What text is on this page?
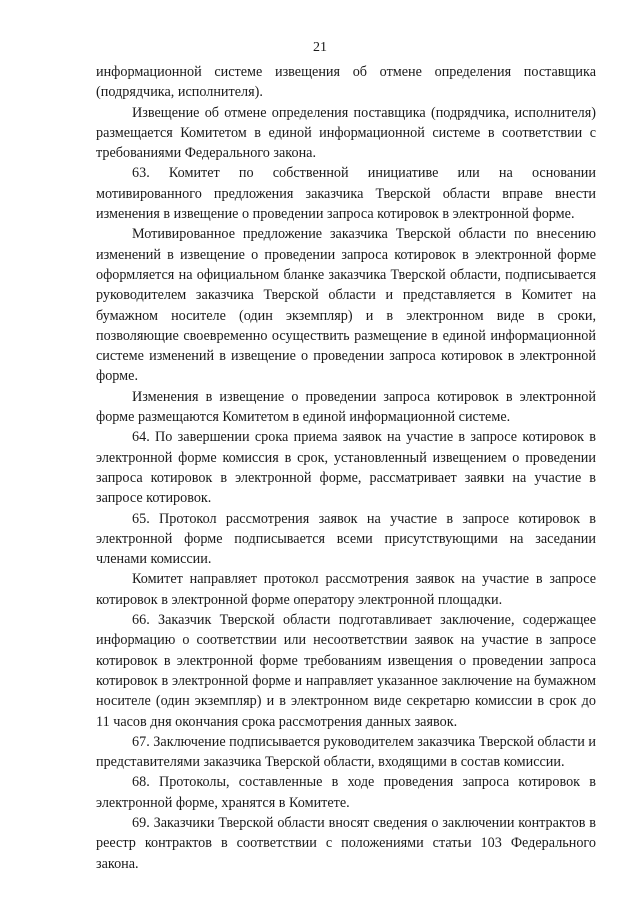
21

информационной системе извещения об отмене определения поставщика (подрядчика, исполнителя).

Извещение об отмене определения поставщика (подрядчика, исполнителя) размещается Комитетом в единой информационной системе в соответствии с требованиями Федерального закона.

63. Комитет по собственной инициативе или на основании мотивированного предложения заказчика Тверской области вправе внести изменения в извещение о проведении запроса котировок в электронной форме.

Мотивированное предложение заказчика Тверской области по внесению изменений в извещение о проведении запроса котировок в электронной форме оформляется на официальном бланке заказчика Тверской области, подписывается руководителем заказчика Тверской области и представляется в Комитет на бумажном носителе (один экземпляр) и в электронном виде в сроки, позволяющие своевременно осуществить размещение в единой информационной системе изменений в извещение о проведении запроса котировок в электронной форме.

Изменения в извещение о проведении запроса котировок в электронной форме размещаются Комитетом в единой информационной системе.

64. По завершении срока приема заявок на участие в запросе котировок в электронной форме комиссия в срок, установленный извещением о проведении запроса котировок в электронной форме, рассматривает заявки на участие в запросе котировок.

65. Протокол рассмотрения заявок на участие в запросе котировок в электронной форме подписывается всеми присутствующими на заседании членами комиссии.

Комитет направляет протокол рассмотрения заявок на участие в запросе котировок в электронной форме оператору электронной площадки.

66. Заказчик Тверской области подготавливает заключение, содержащее информацию о соответствии или несоответствии заявок на участие в запросе котировок в электронной форме требованиям извещения о проведении запроса котировок в электронной форме и направляет указанное заключение на бумажном носителе (один экземпляр) и в электронном виде секретарю комиссии в срок до 11 часов дня окончания срока рассмотрения данных заявок.

67. Заключение подписывается руководителем заказчика Тверской области и представителями заказчика Тверской области, входящими в состав комиссии.

68. Протоколы, составленные в ходе проведения запроса котировок в электронной форме, хранятся в Комитете.

69. Заказчики Тверской области вносят сведения о заключении контрактов в реестр контрактов в соответствии с положениями статьи 103 Федерального закона.
